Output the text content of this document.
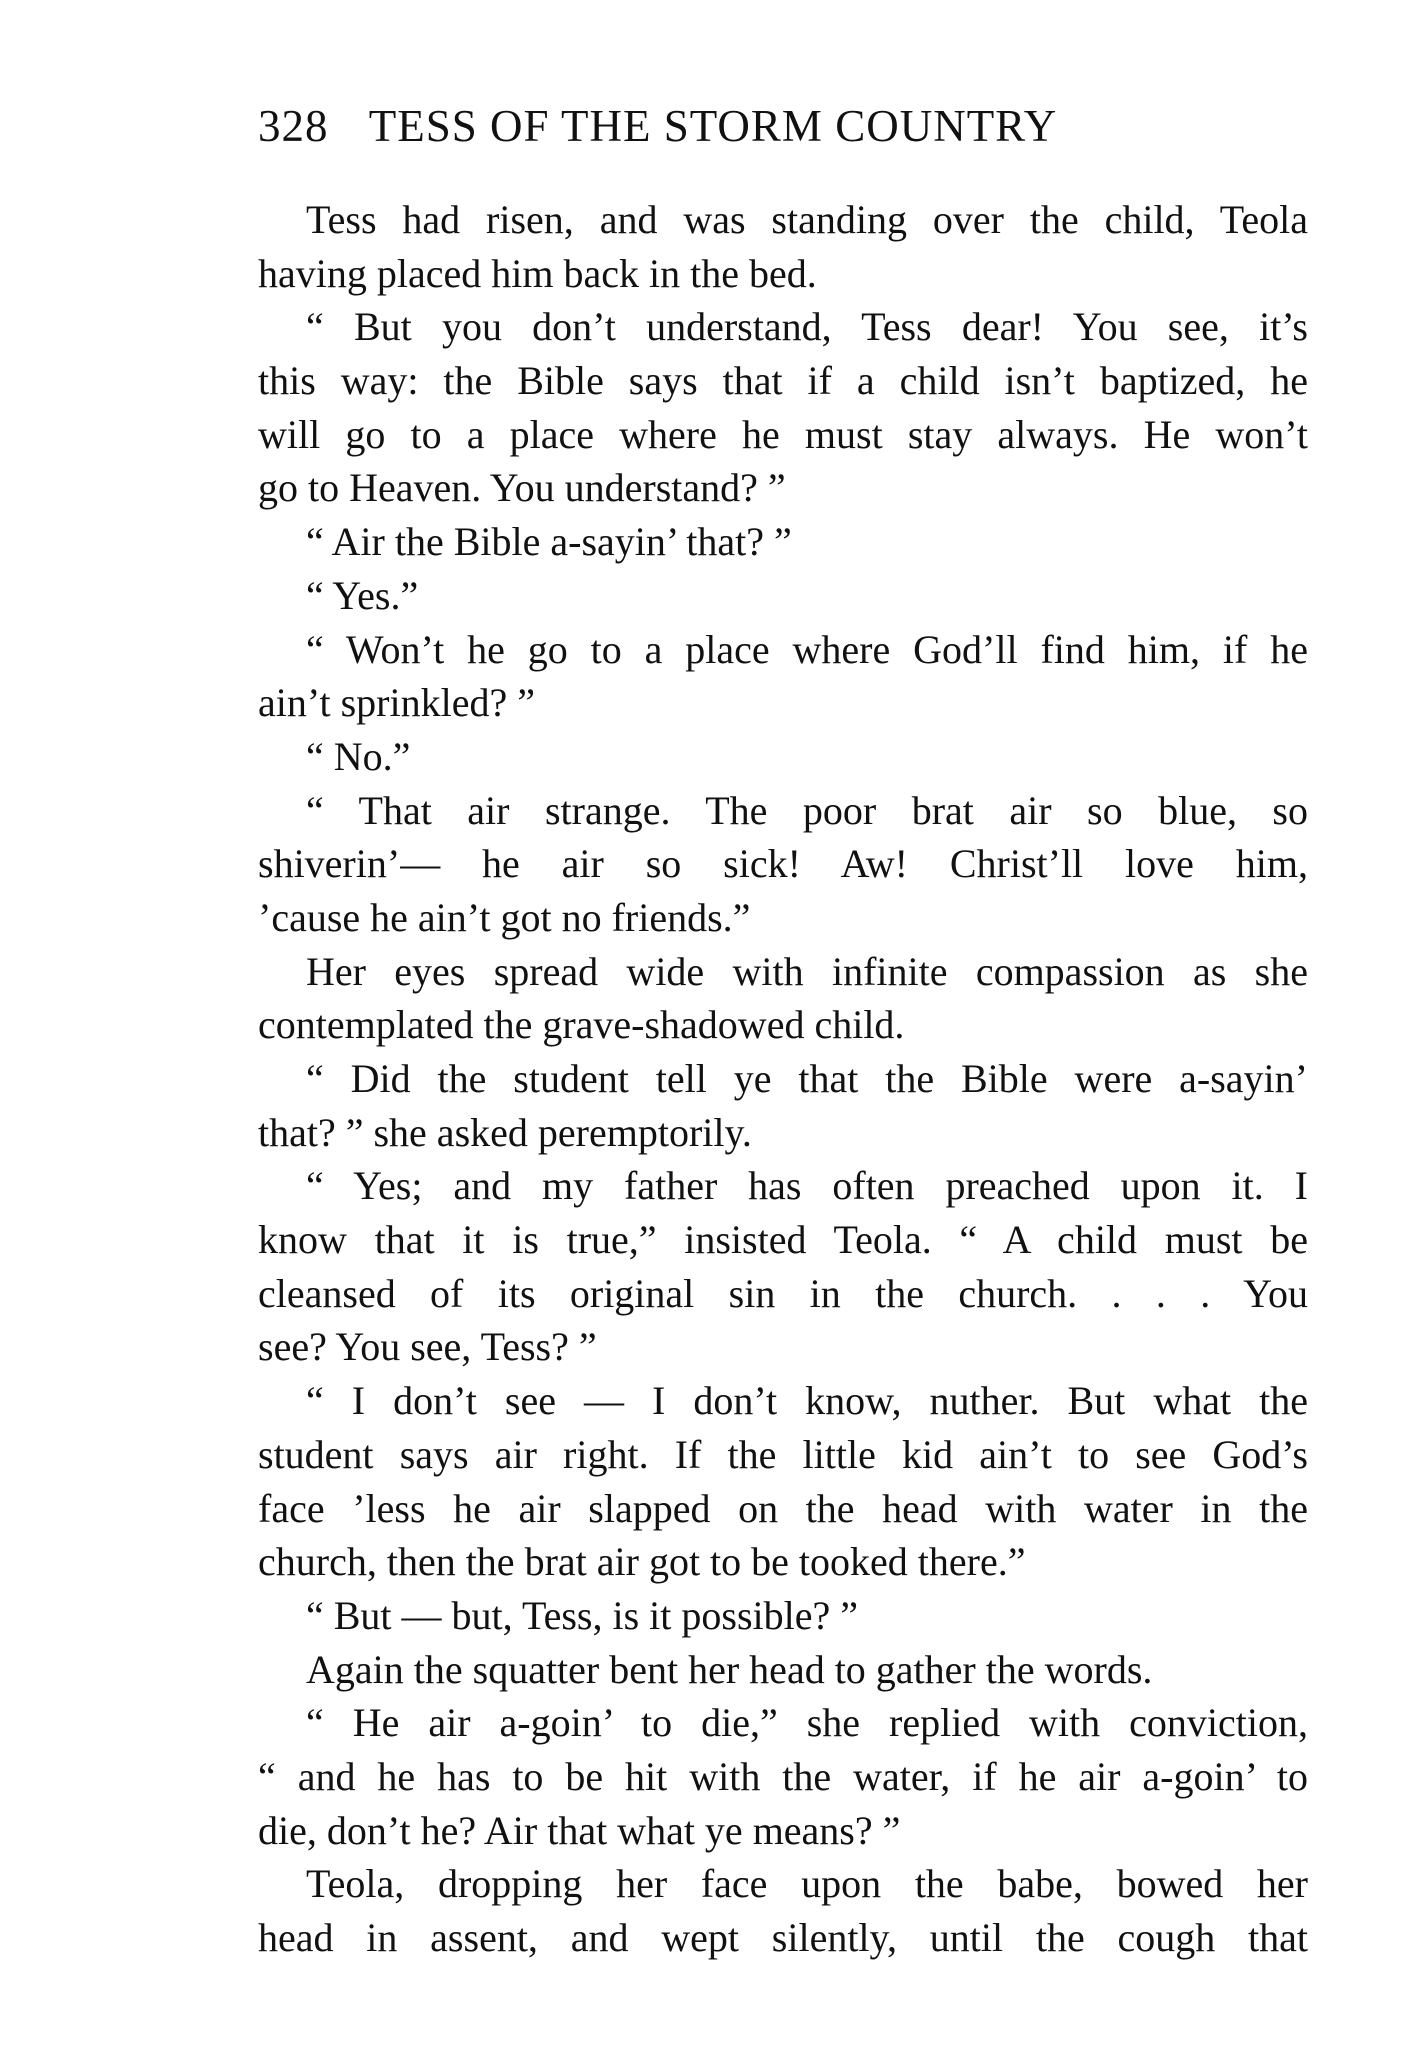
328 TESS OF THE STORM COUNTRY
Tess had risen, and was standing over the child, Teola
having placed him back in the bed.
“ But you don’t understand, Tess dear! You see, it’s
this way: the Bible says that if a child isn’t baptized, he
will go to a place where he must stay always. He won’t
go to Heaven. You understand? ”
“ Air the Bible a-sayin’ that? ”
“ Yes.”
“ Won’t he go to a place where God’ll find him, if he
ain’t sprinkled? ”
“ No.”
“ That air strange. The poor brat air so blue, so
shiverin’— he air so sick! Aw! Christ’ll love him,
’cause he ain’t got no friends.”
Her eyes spread wide with infinite compassion as she
contemplated the grave-shadowed child.
“ Did the student tell ye that the Bible were a-sayin’
that? ” she asked peremptorily.
“ Yes; and my father has often preached upon it. I
know that it is true,” insisted Teola. “ A child must be
cleansed of its original sin in the church. . . . You
see? You see, Tess? ”
“ I don’t see — I don’t know, nuther. But what the
student says air right. If the little kid ain’t to see God’s
face ’less he air slapped on the head with water in the
church, then the brat air got to be tooked there.”
“ But — but, Tess, is it possible? ”
Again the squatter bent her head to gather the words.
“ He air a-goin’ to die,” she replied with conviction,
“ and he has to be hit with the water, if he air a-goin’ to
die, don’t he? Air that what ye means? ”
Teola, dropping her face upon the babe, bowed her
head in assent, and wept silently, until the cough that
